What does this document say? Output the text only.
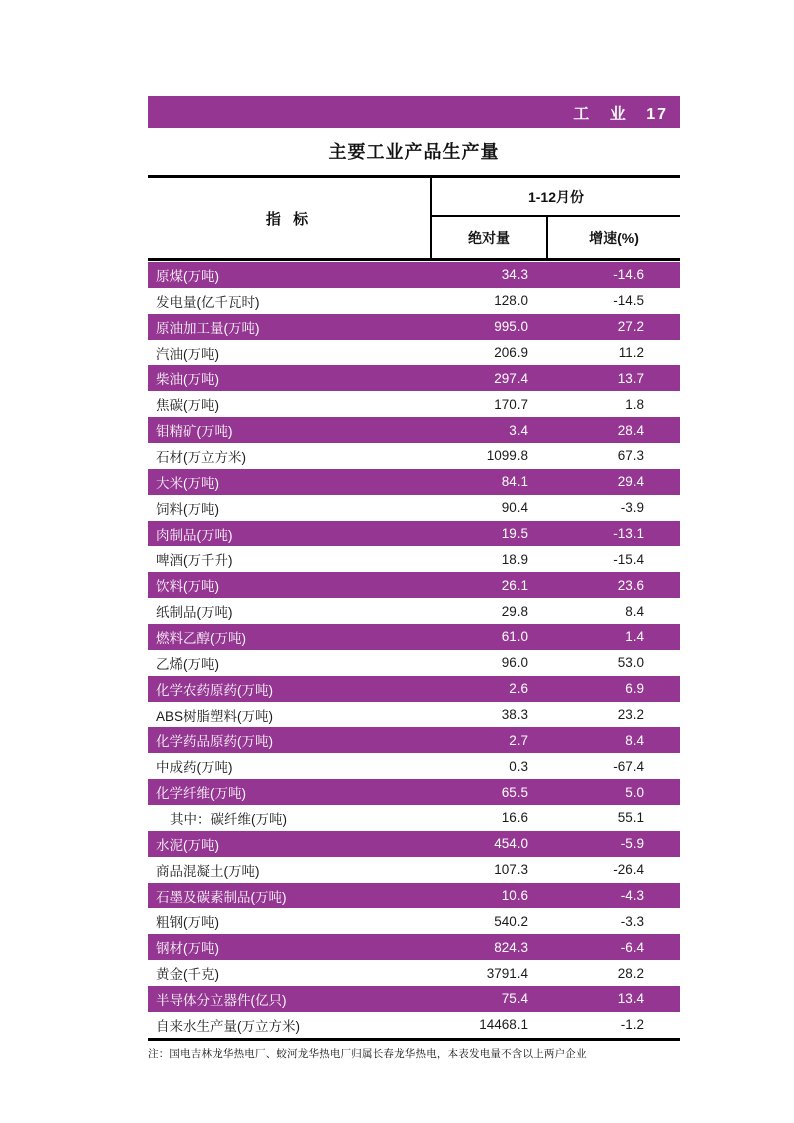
工 业 17
主要工业产品生产量
指 标
1-12月份
绝对量	增速(%)
原煤(万吨)	34.3	-14.6
发电量(亿千瓦时)	128.0	-14.5
原油加工量(万吨)	995.0	27.2
汽油(万吨)	206.9	11.2
柴油(万吨)	297.4	13.7
焦碳(万吨)	170.7	1.8
钼精矿(万吨)	3.4	28.4
石材(万立方米)	1099.8	67.3
大米(万吨)	84.1	29.4
饲料(万吨)	90.4	-3.9
肉制品(万吨)	19.5	-13.1
啤酒(万千升)	18.9	-15.4
饮料(万吨)	26.1	23.6
纸制品(万吨)	29.8	8.4
燃料乙醇(万吨)	61.0	1.4
乙烯(万吨)	96.0	53.0
化学农药原药(万吨)	2.6	6.9
ABS树脂塑料(万吨)	38.3	23.2
化学药品原药(万吨)	2.7	8.4
中成药(万吨)	0.3	-67.4
化学纤维(万吨)	65.5	5.0
其中：碳纤维(万吨)	16.6	55.1
水泥(万吨)	454.0	-5.9
商品混凝土(万吨)	107.3	-26.4
石墨及碳素制品(万吨)	10.6	-4.3
粗钢(万吨)	540.2	-3.3
钢材(万吨)	824.3	-6.4
黄金(千克)	3791.4	28.2
半导体分立器件(亿只)	75.4	13.4
自来水生产量(万立方米)	14468.1	-1.2
注：国电吉林龙华热电厂、蛟河龙华热电厂归属长春龙华热电，本表发电量不含以上两户企业
